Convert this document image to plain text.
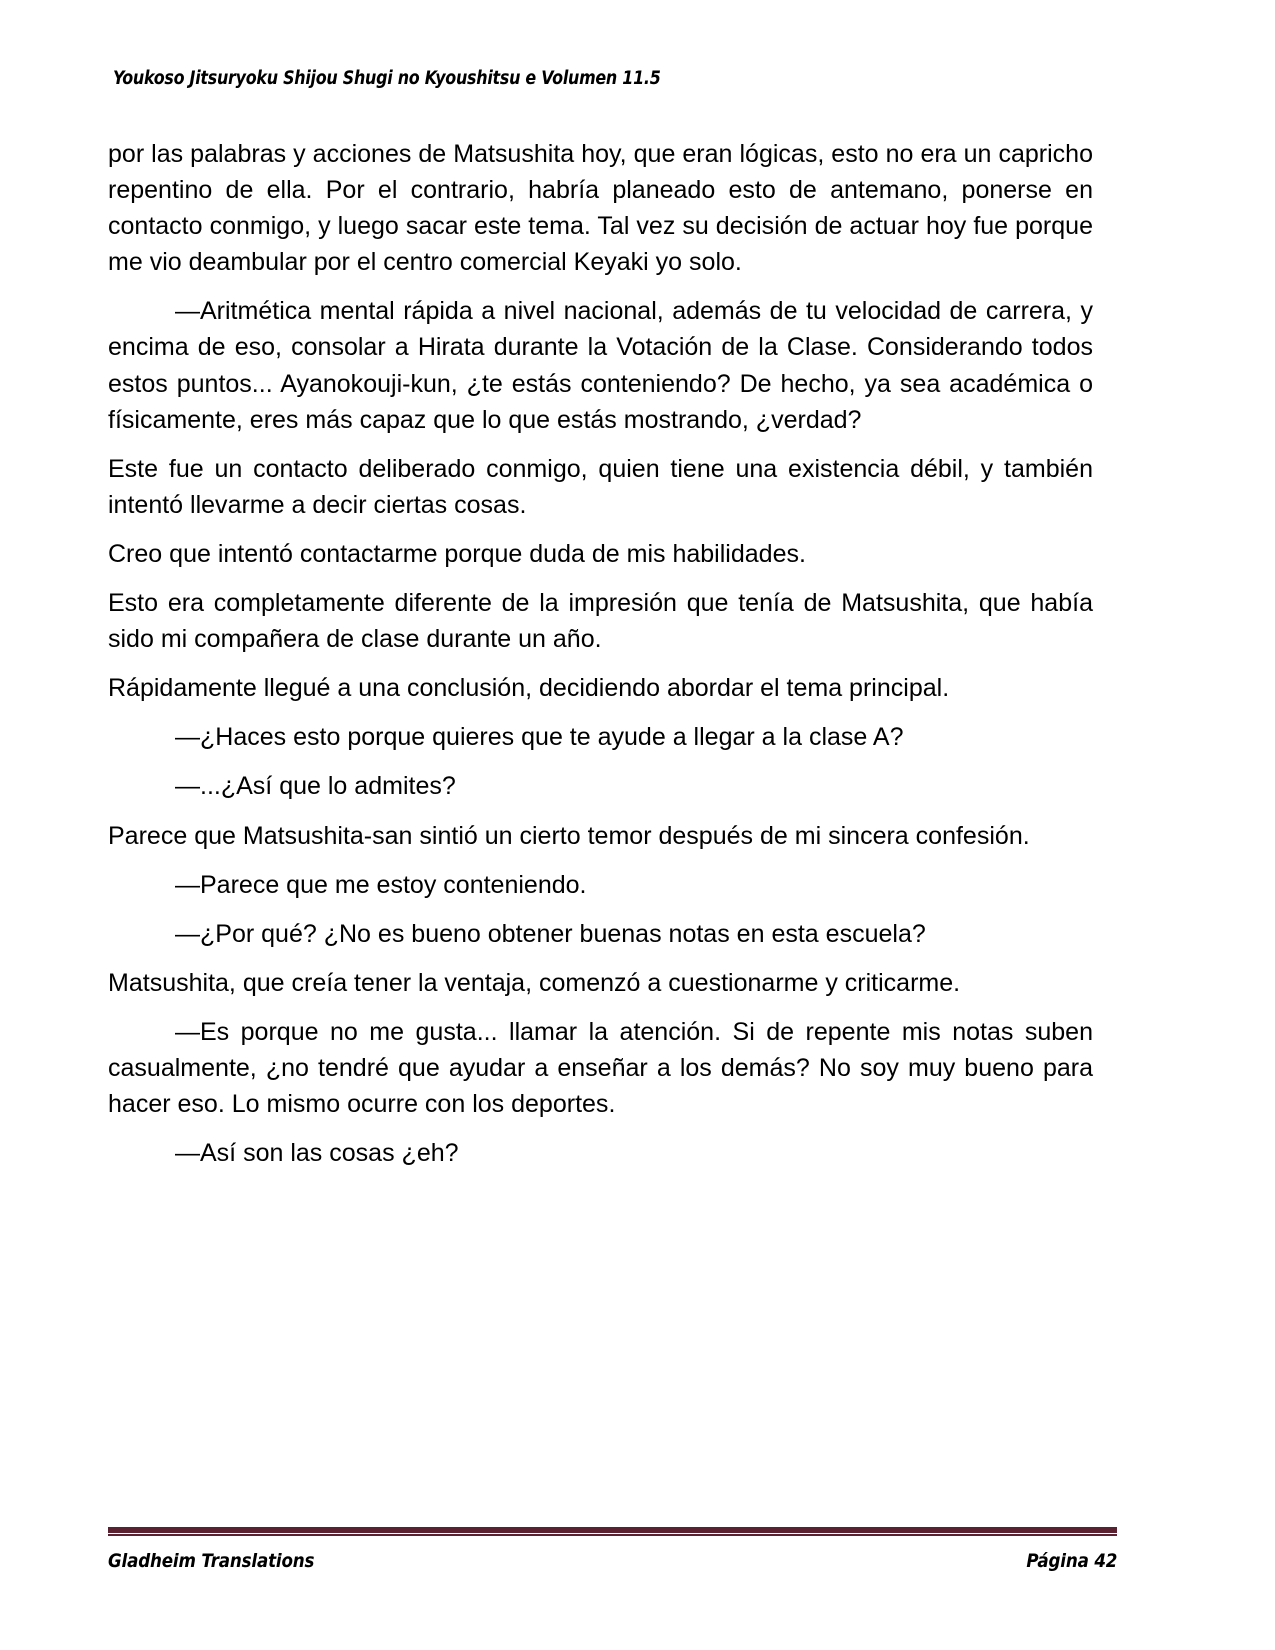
Youkoso Jitsuryoku Shijou Shugi no Kyoushitsu e Volumen 11.5

por las palabras y acciones de Matsushita hoy, que eran lógicas, esto no era un capricho repentino de ella. Por el contrario, habría planeado esto de antemano, ponerse en contacto conmigo, y luego sacar este tema. Tal vez su decisión de actuar hoy fue porque me vio deambular por el centro comercial Keyaki yo solo.

—Aritmética mental rápida a nivel nacional, además de tu velocidad de carrera, y encima de eso, consolar a Hirata durante la Votación de la Clase. Considerando todos estos puntos... Ayanokouji-kun, ¿te estás conteniendo? De hecho, ya sea académica o físicamente, eres más capaz que lo que estás mostrando, ¿verdad?

Este fue un contacto deliberado conmigo, quien tiene una existencia débil, y también intentó llevarme a decir ciertas cosas.

Creo que intentó contactarme porque duda de mis habilidades.

Esto era completamente diferente de la impresión que tenía de Matsushita, que había sido mi compañera de clase durante un año.

Rápidamente llegué a una conclusión, decidiendo abordar el tema principal.

—¿Haces esto porque quieres que te ayude a llegar a la clase A?

—...¿Así que lo admites?

Parece que Matsushita-san sintió un cierto temor después de mi sincera confesión.

—Parece que me estoy conteniendo.

—¿Por qué? ¿No es bueno obtener buenas notas en esta escuela?

Matsushita, que creía tener la ventaja, comenzó a cuestionarme y criticarme.

—Es porque no me gusta... llamar la atención. Si de repente mis notas suben casualmente, ¿no tendré que ayudar a enseñar a los demás? No soy muy bueno para hacer eso. Lo mismo ocurre con los deportes.

—Así son las cosas ¿eh?

Gladheim Translations	Página 42
